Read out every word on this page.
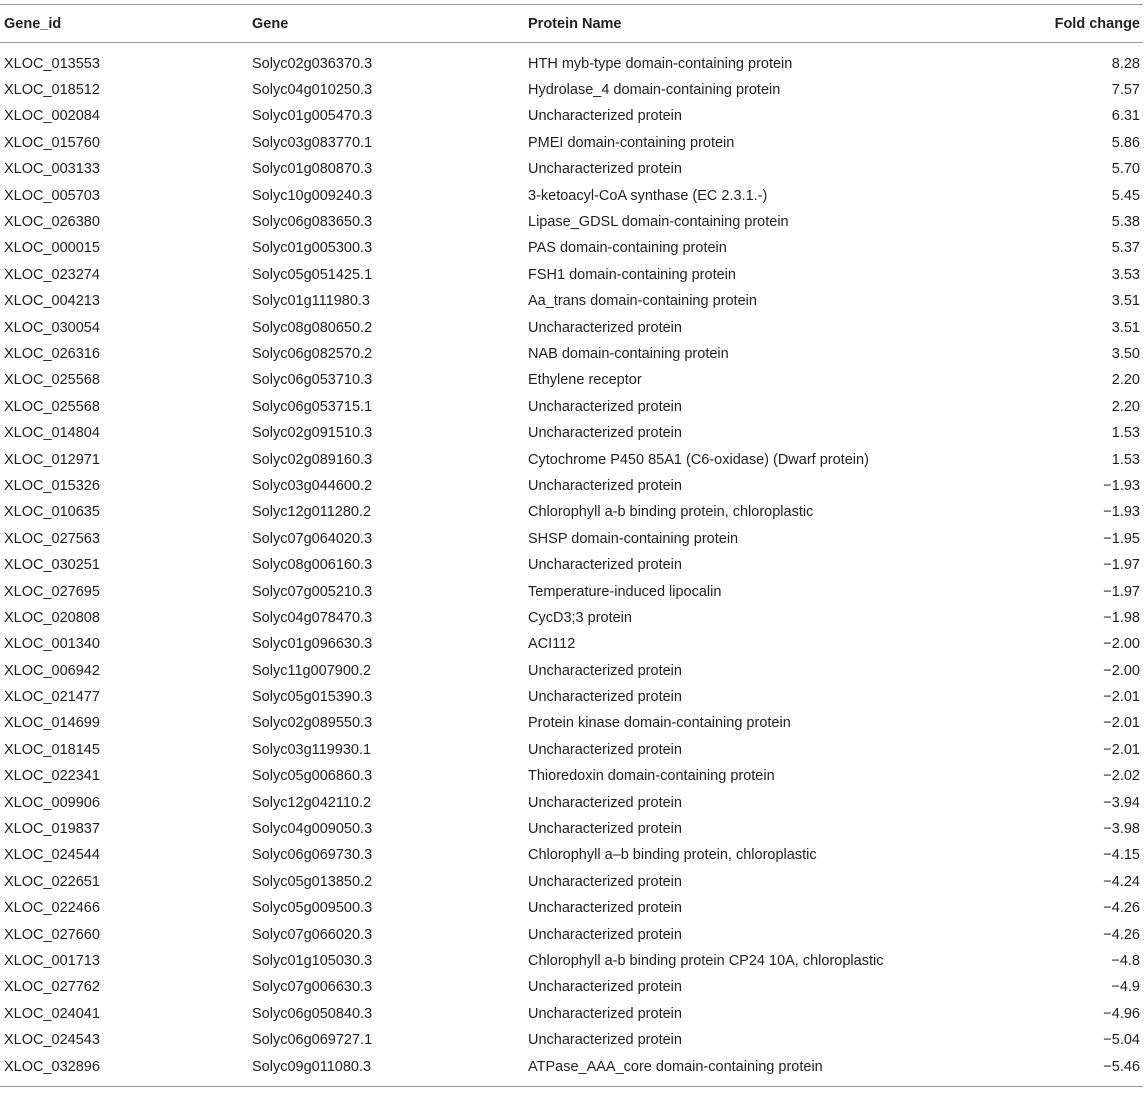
Gene_id	Gene	Protein Name	Fold change
XLOC_013553	Solyc02g036370.3	HTH myb-type domain-containing protein	8.28
XLOC_018512	Solyc04g010250.3	Hydrolase_4 domain-containing protein	7.57
XLOC_002084	Solyc01g005470.3	Uncharacterized protein	6.31
XLOC_015760	Solyc03g083770.1	PMEI domain-containing protein	5.86
XLOC_003133	Solyc01g080870.3	Uncharacterized protein	5.70
XLOC_005703	Solyc10g009240.3	3-ketoacyl-CoA synthase (EC 2.3.1.-)	5.45
XLOC_026380	Solyc06g083650.3	Lipase_GDSL domain-containing protein	5.38
XLOC_000015	Solyc01g005300.3	PAS domain-containing protein	5.37
XLOC_023274	Solyc05g051425.1	FSH1 domain-containing protein	3.53
XLOC_004213	Solyc01g111980.3	Aa_trans domain-containing protein	3.51
XLOC_030054	Solyc08g080650.2	Uncharacterized protein	3.51
XLOC_026316	Solyc06g082570.2	NAB domain-containing protein	3.50
XLOC_025568	Solyc06g053710.3	Ethylene receptor	2.20
XLOC_025568	Solyc06g053715.1	Uncharacterized protein	2.20
XLOC_014804	Solyc02g091510.3	Uncharacterized protein	1.53
XLOC_012971	Solyc02g089160.3	Cytochrome P450 85A1 (C6-oxidase) (Dwarf protein)	1.53
XLOC_015326	Solyc03g044600.2	Uncharacterized protein	−1.93
XLOC_010635	Solyc12g011280.2	Chlorophyll a-b binding protein, chloroplastic	−1.93
XLOC_027563	Solyc07g064020.3	SHSP domain-containing protein	−1.95
XLOC_030251	Solyc08g006160.3	Uncharacterized protein	−1.97
XLOC_027695	Solyc07g005210.3	Temperature-induced lipocalin	−1.97
XLOC_020808	Solyc04g078470.3	CycD3;3 protein	−1.98
XLOC_001340	Solyc01g096630.3	ACI112	−2.00
XLOC_006942	Solyc11g007900.2	Uncharacterized protein	−2.00
XLOC_021477	Solyc05g015390.3	Uncharacterized protein	−2.01
XLOC_014699	Solyc02g089550.3	Protein kinase domain-containing protein	−2.01
XLOC_018145	Solyc03g119930.1	Uncharacterized protein	−2.01
XLOC_022341	Solyc05g006860.3	Thioredoxin domain-containing protein	−2.02
XLOC_009906	Solyc12g042110.2	Uncharacterized protein	−3.94
XLOC_019837	Solyc04g009050.3	Uncharacterized protein	−3.98
XLOC_024544	Solyc06g069730.3	Chlorophyll a–b binding protein, chloroplastic	−4.15
XLOC_022651	Solyc05g013850.2	Uncharacterized protein	−4.24
XLOC_022466	Solyc05g009500.3	Uncharacterized protein	−4.26
XLOC_027660	Solyc07g066020.3	Uncharacterized protein	−4.26
XLOC_001713	Solyc01g105030.3	Chlorophyll a-b binding protein CP24 10A, chloroplastic	−4.8
XLOC_027762	Solyc07g006630.3	Uncharacterized protein	−4.9
XLOC_024041	Solyc06g050840.3	Uncharacterized protein	−4.96
XLOC_024543	Solyc06g069727.1	Uncharacterized protein	−5.04
XLOC_032896	Solyc09g011080.3	ATPase_AAA_core domain-containing protein	−5.46
